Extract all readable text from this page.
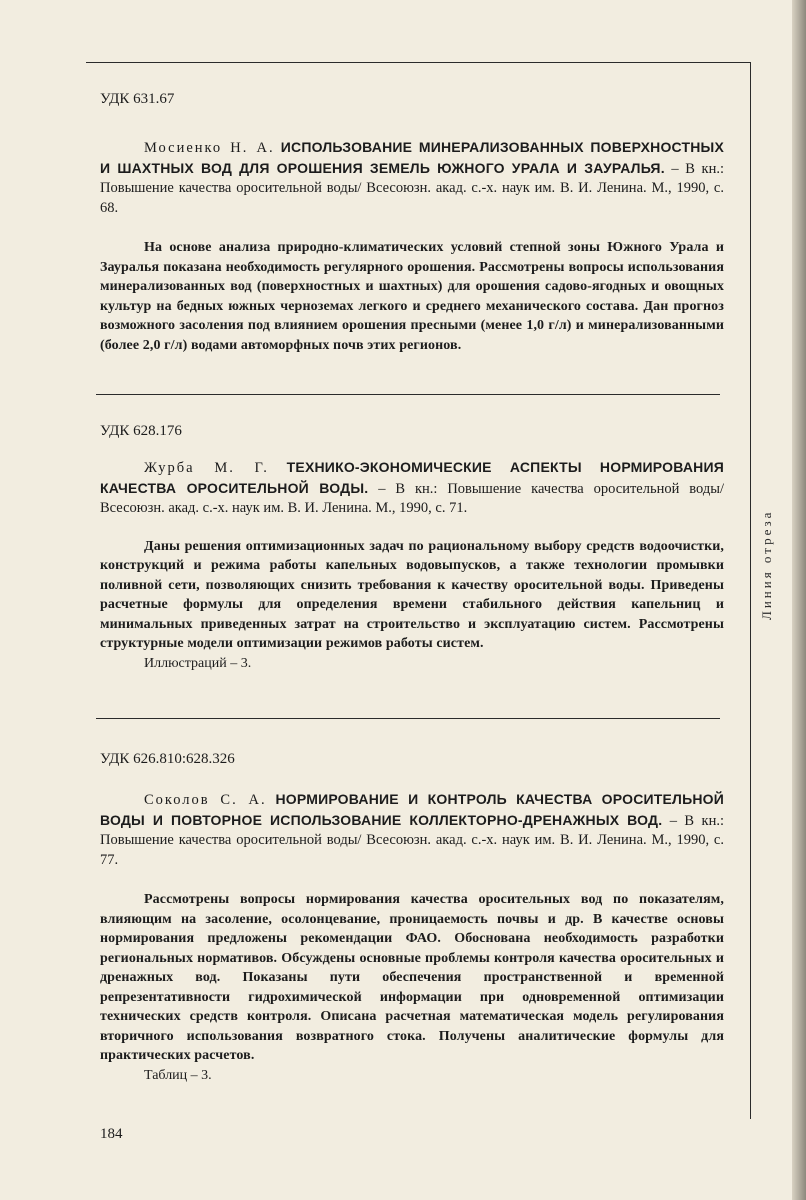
УДК 631.67

Мосиенко Н. А. ИСПОЛЬЗОВАНИЕ МИНЕРАЛИЗОВАННЫХ ПОВЕРХНОСТНЫХ И ШАХТНЫХ ВОД ДЛЯ ОРОШЕНИЯ ЗЕМЕЛЬ ЮЖНОГО УРАЛА И ЗАУРАЛЬЯ. – В кн.: Повышение качества оросительной воды/ Всесоюзн. акад. с.-х. наук им. В. И. Ленина. М., 1990, с. 68.

На основе анализа природно-климатических условий степной зоны Южного Урала и Зауралья показана необходимость регулярного орошения. Рассмотрены вопросы использования минерализованных вод (поверхностных и шахтных) для орошения садово-ягодных и овощных культур на бедных южных черноземах легкого и среднего механического состава. Дан прогноз возможного засоления под влиянием орошения пресными (менее 1,0 г/л) и минерализованными (более 2,0 г/л) водами автоморфных почв этих регионов.

УДК 628.176

Журба М. Г. ТЕХНИКО-ЭКОНОМИЧЕСКИЕ АСПЕКТЫ НОРМИРОВАНИЯ КАЧЕСТВА ОРОСИТЕЛЬНОЙ ВОДЫ. – В кн.: Повышение качества оросительной воды/Всесоюзн. акад. с.-х. наук им. В. И. Ленина. М., 1990, с. 71.

Даны решения оптимизационных задач по рациональному выбору средств водоочистки, конструкций и режима работы капельных водовыпусков, а также технологии промывки поливной сети, позволяющих снизить требования к качеству оросительной воды. Приведены расчетные формулы для определения времени стабильного действия капельниц и минимальных приведенных затрат на строительство и эксплуатацию систем. Рассмотрены структурные модели оптимизации режимов работы систем.

Иллюстраций – 3.

УДК 626.810:628.326

Соколов С. А. НОРМИРОВАНИЕ И КОНТРОЛЬ КАЧЕСТВА ОРОСИТЕЛЬНОЙ ВОДЫ И ПОВТОРНОЕ ИСПОЛЬЗОВАНИЕ КОЛЛЕКТОРНО-ДРЕНАЖНЫХ ВОД. – В кн.: Повышение качества оросительной воды/ Всесоюзн. акад. с.-х. наук им. В. И. Ленина. М., 1990, с. 77.

Рассмотрены вопросы нормирования качества оросительных вод по показателям, влияющим на засоление, осолонцевание, проницаемость почвы и др. В качестве основы нормирования предложены рекомендации ФАО. Обоснована необходимость разработки региональных нормативов. Обсуждены основные проблемы контроля качества оросительных и дренажных вод. Показаны пути обеспечения пространственной и временной репрезентативности гидрохимической информации при одновременной оптимизации технических средств контроля. Описана расчетная математическая модель регулирования вторичного использования возвратного стока. Получены аналитические формулы для практических расчетов.

Таблиц – 3.

Линия отреза
184
